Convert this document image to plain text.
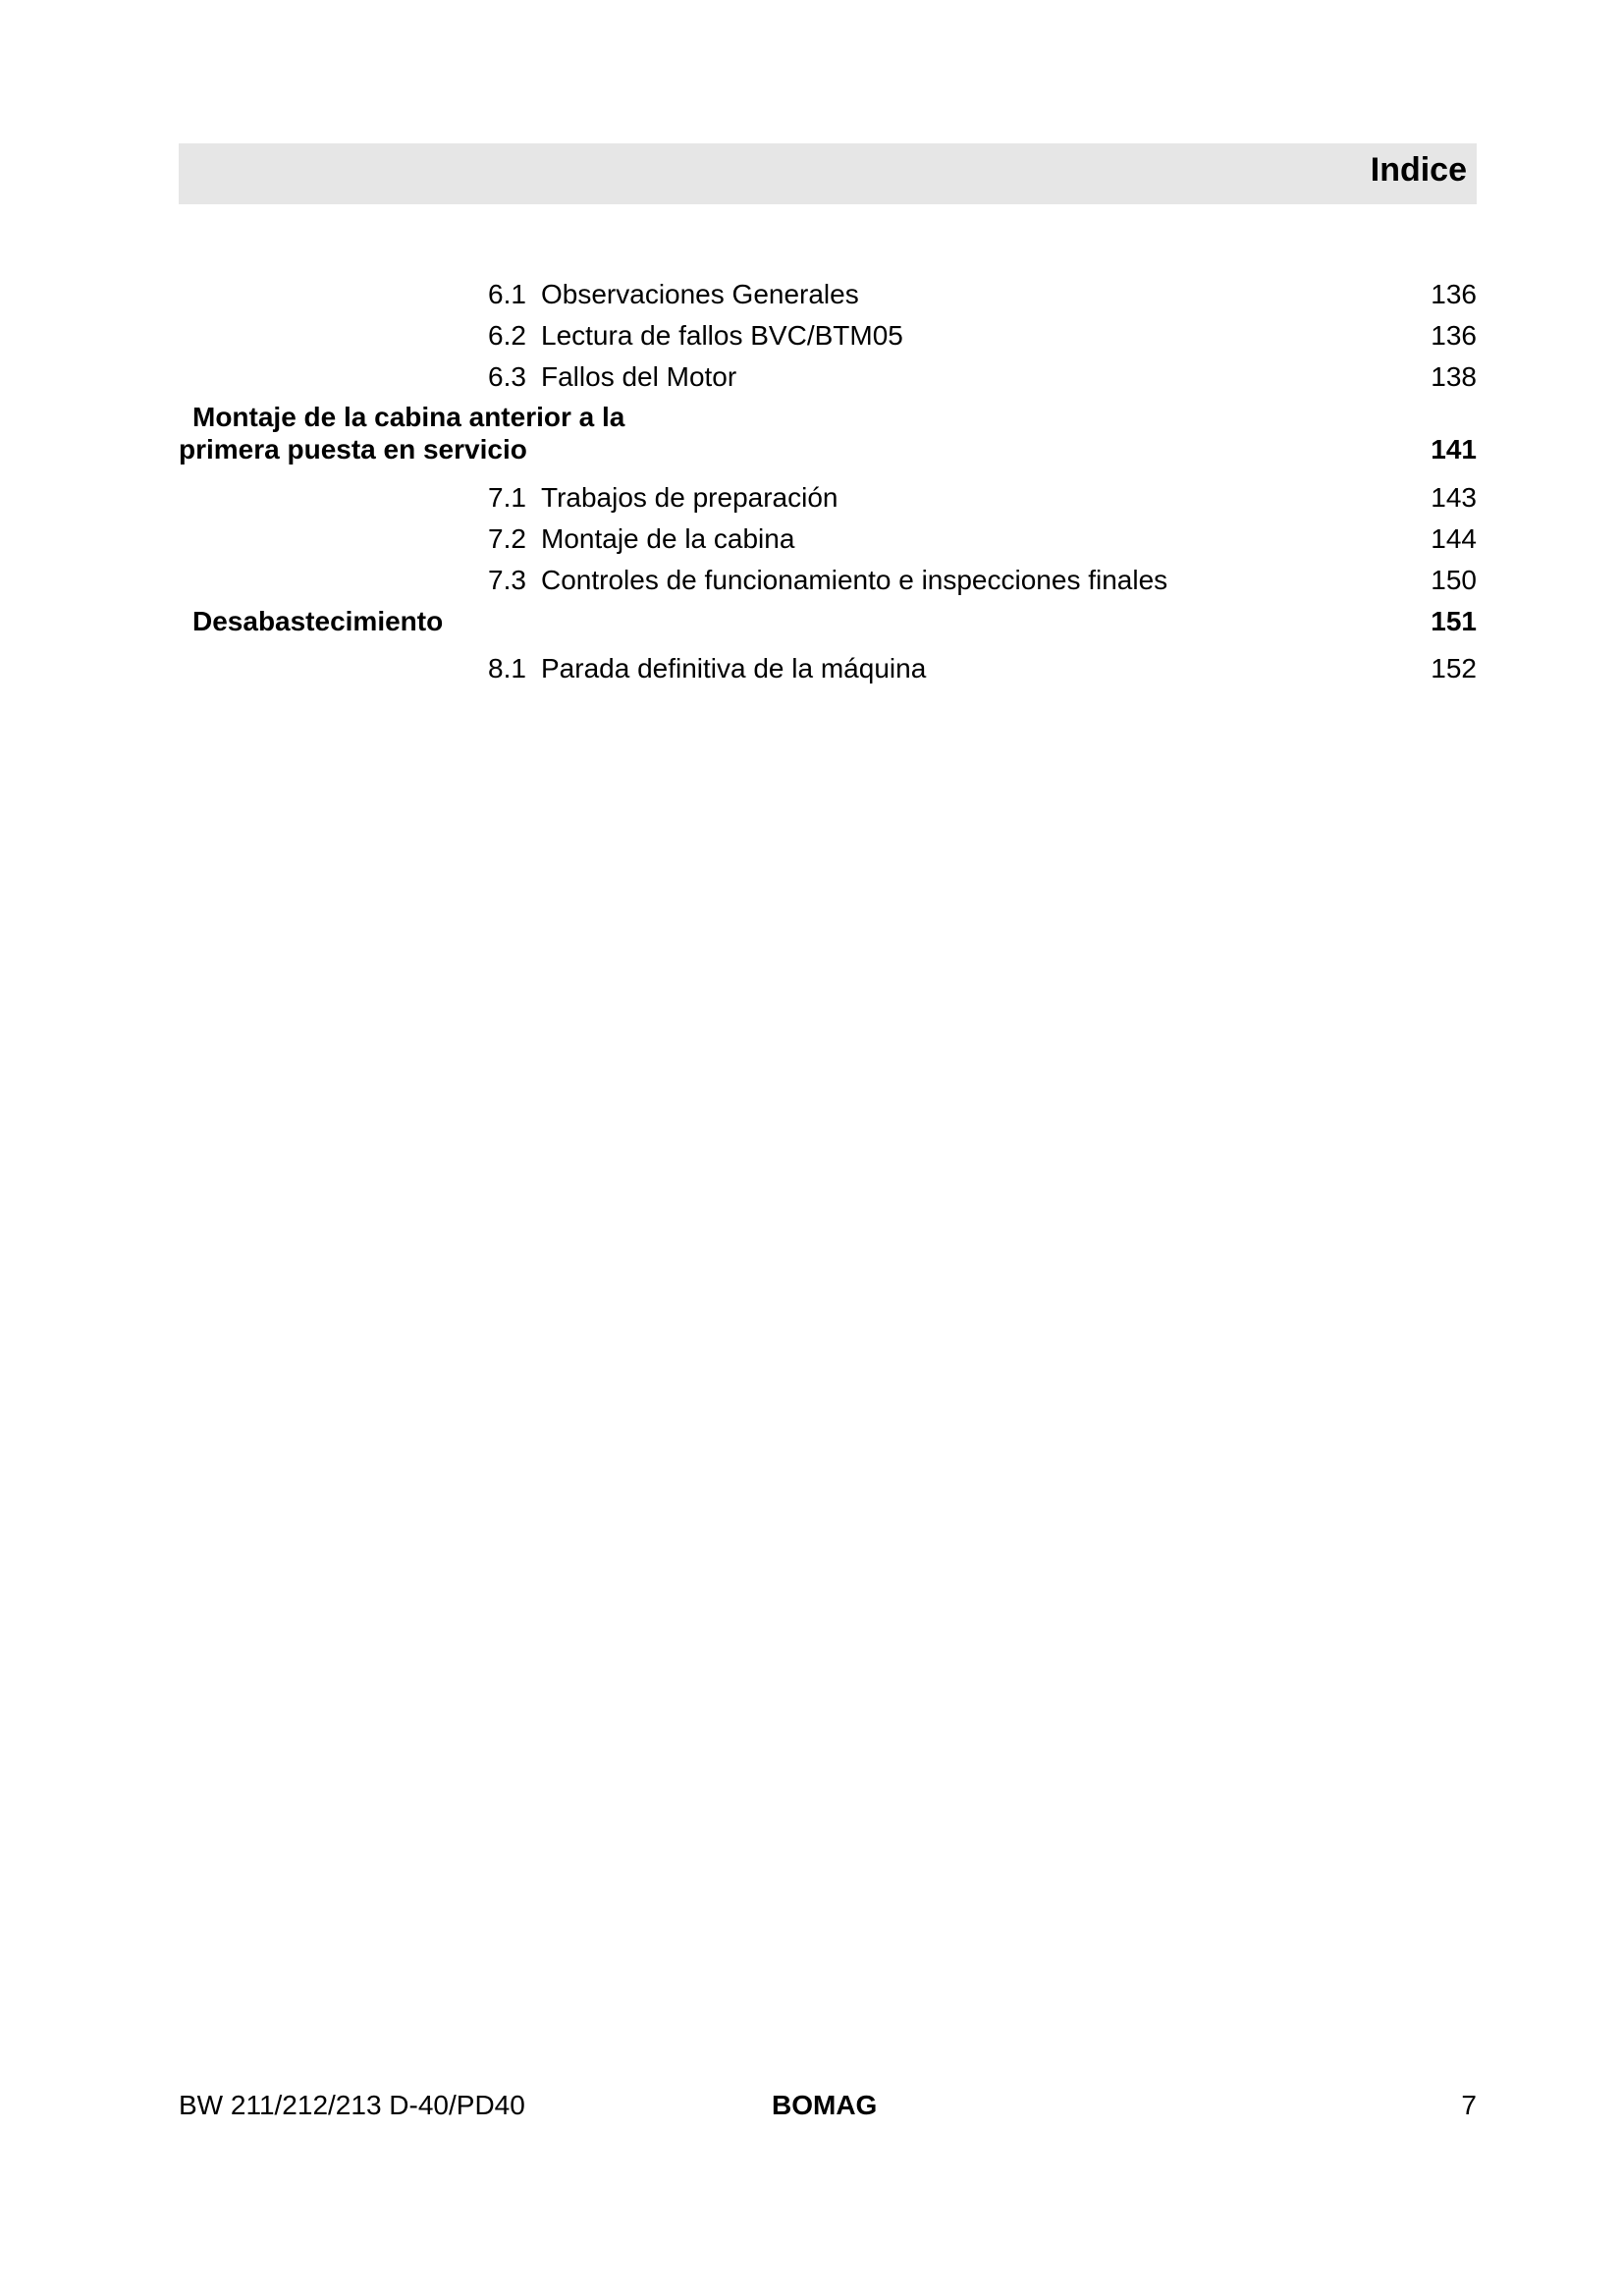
Indice
6.1 Observaciones Generales	136
6.2 Lectura de fallos BVC/BTM05	136
6.3 Fallos del Motor	138
Montaje de la cabina anterior a la
primera puesta en servicio	141
7.1 Trabajos de preparación	143
7.2 Montaje de la cabina	144
7.3 Controles de funcionamiento e inspecciones finales	150
Desabastecimiento	151
8.1 Parada definitiva de la máquina	152
BW 211/212/213 D-40/PD40	BOMAG	7
